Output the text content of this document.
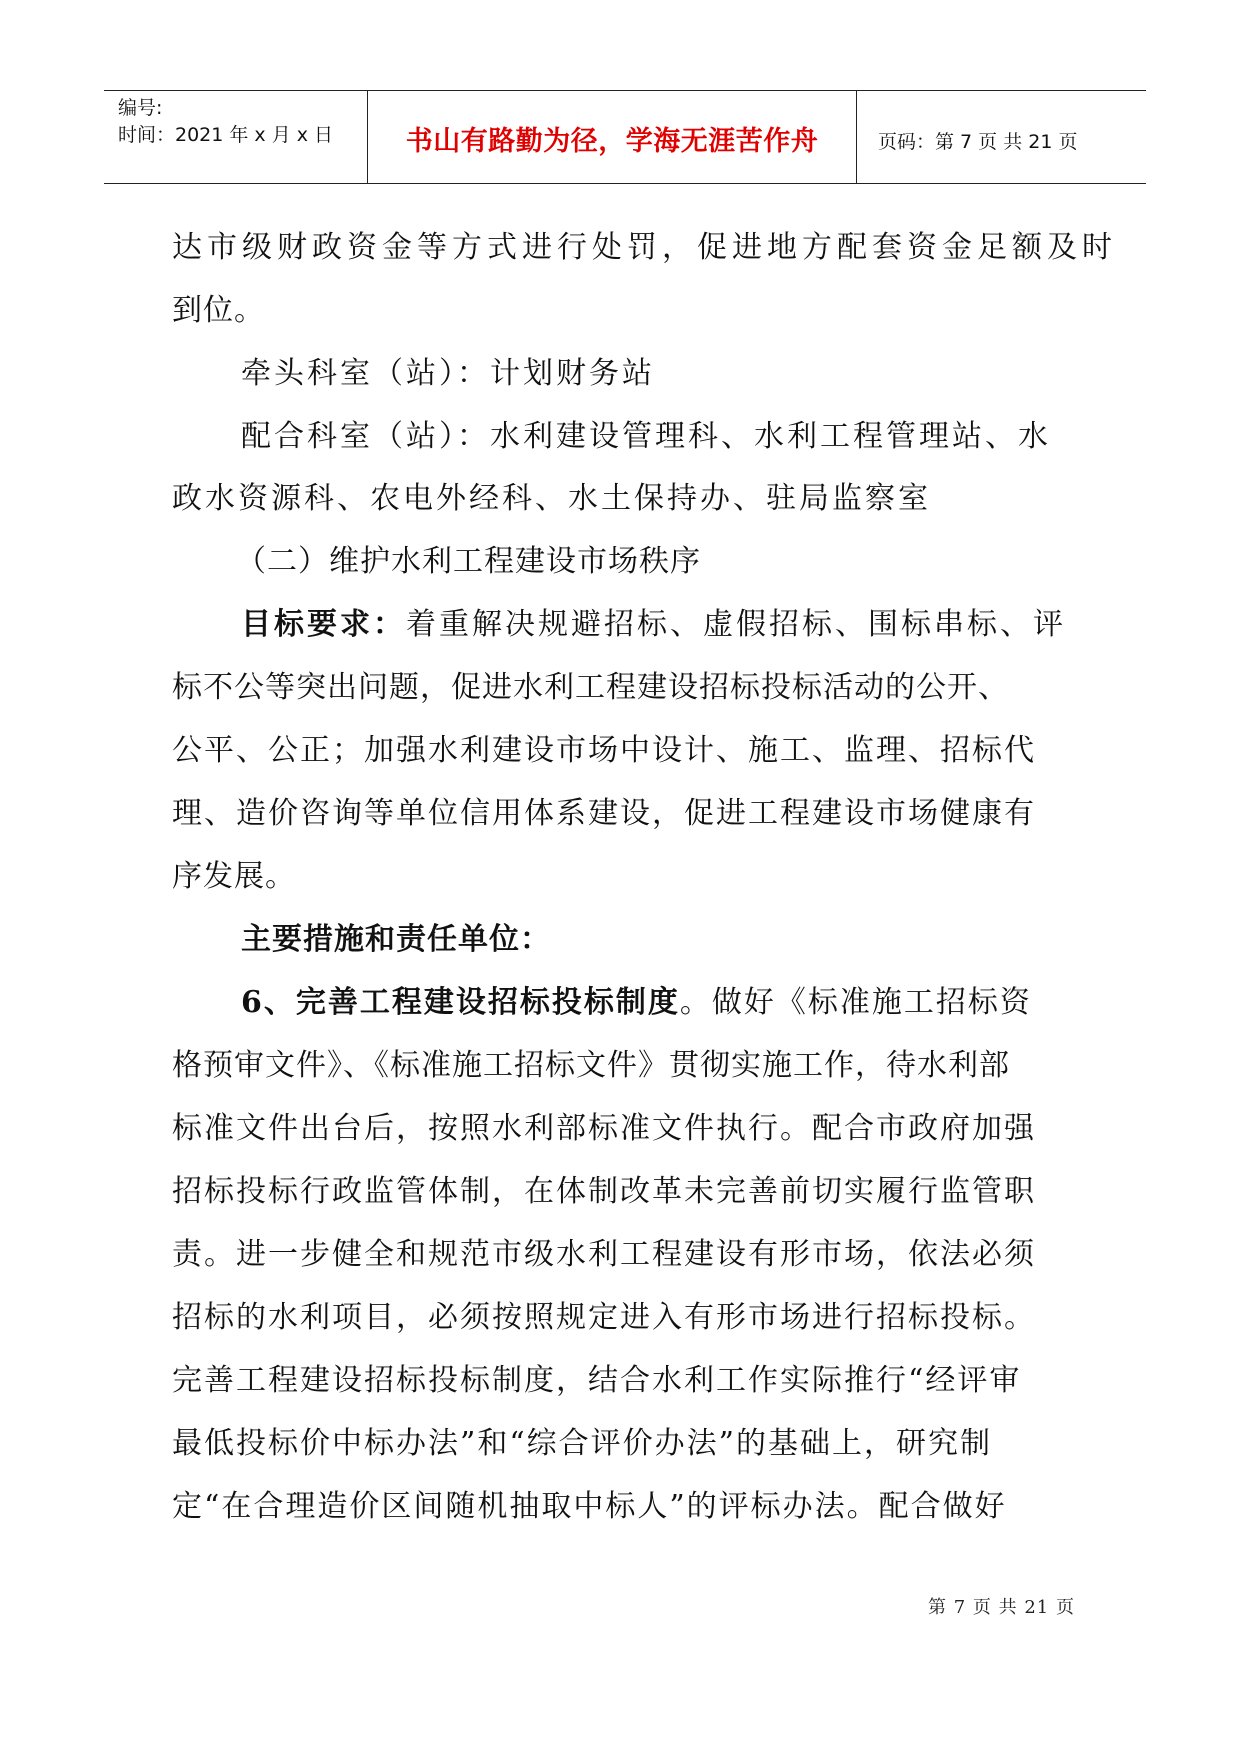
编号:
时间：2021 年 x 月 x 日	书山有路勤为径，学海无涯苦作舟	页码：第 7 页 共 21 页
达市级财政资金等方式进行处罚，促进地方配套资金足额及时
到位。
牵头科室（站）：计划财务站
配合科室（站）：水利建设管理科、水利工程管理站、水
政水资源科、农电外经科、水土保持办、驻局监察室
（二）维护水利工程建设市场秩序
目标要求：着重解决规避招标、虚假招标、围标串标、评
标不公等突出问题，促进水利工程建设招标投标活动的公开、
公平、公正；加强水利建设市场中设计、施工、监理、招标代
理、造价咨询等单位信用体系建设，促进工程建设市场健康有
序发展。
主要措施和责任单位：
6、完善工程建设招标投标制度。做好《标准施工招标资
格预审文件》、《标准施工招标文件》贯彻实施工作，待水利部
标准文件出台后，按照水利部标准文件执行。配合市政府加强
招标投标行政监管体制，在体制改革未完善前切实履行监管职
责。进一步健全和规范市级水利工程建设有形市场，依法必须
招标的水利项目，必须按照规定进入有形市场进行招标投标。
完善工程建设招标投标制度，结合水利工作实际推行“经评审
最低投标价中标办法”和“综合评价办法”的基础上，研究制
定“在合理造价区间随机抽取中标人”的评标办法。配合做好
第 7 页 共 21 页
